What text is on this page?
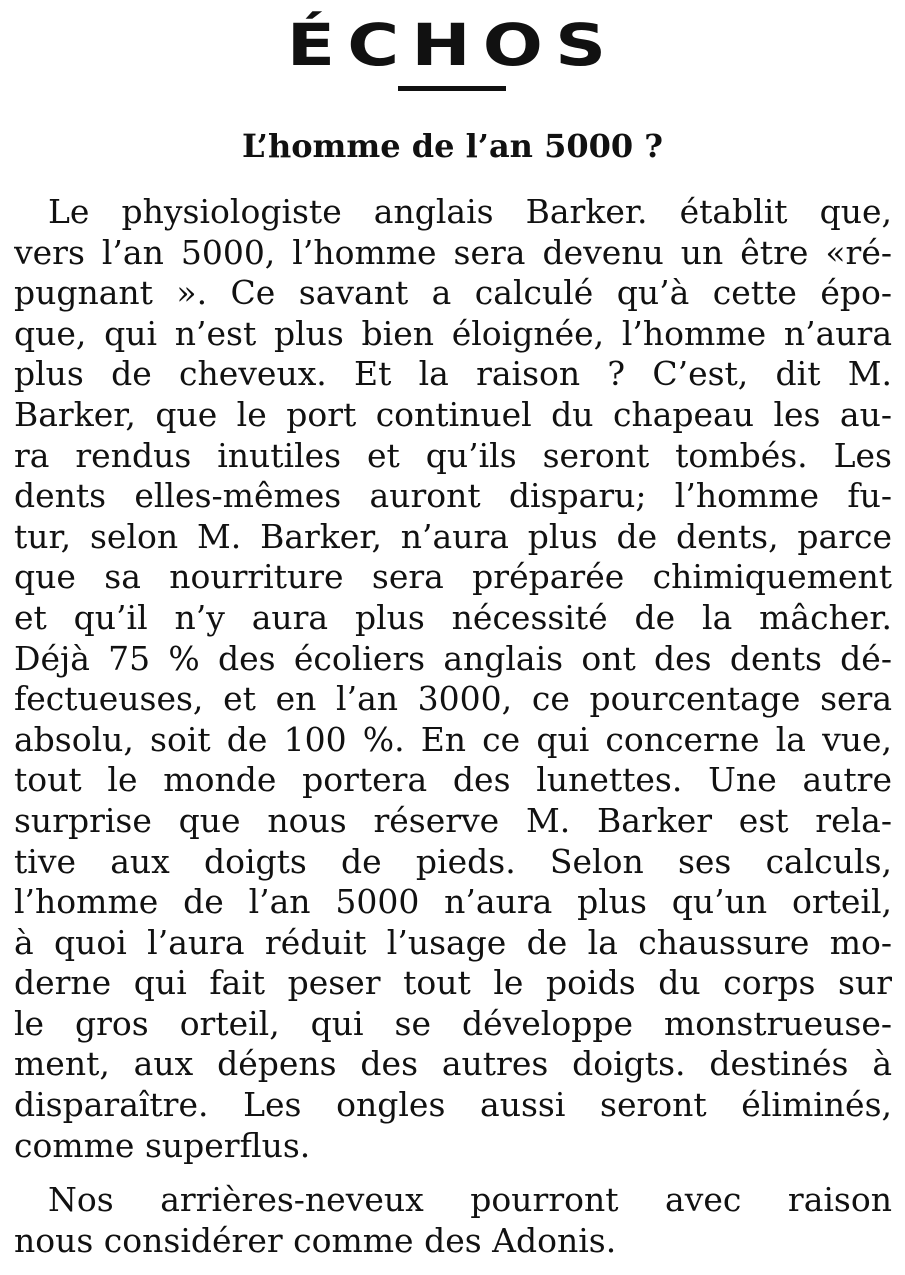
ÉCHOS
L’homme de l’an 5000 ?
Le physiologiste anglais Barker. établit que,
vers l’an 5000, l’homme sera devenu un être «ré-
pugnant ». Ce savant a calculé qu’à cette épo-
que, qui n’est plus bien éloignée, l’homme n’aura
plus de cheveux. Et la raison ? C’est, dit M.
Barker, que le port continuel du chapeau les au-
ra rendus inutiles et qu’ils seront tombés. Les
dents elles-mêmes auront disparu; l’homme fu-
tur, selon M. Barker, n’aura plus de dents, parce
que sa nourriture sera préparée chimiquement
et qu’il n’y aura plus nécessité de la mâcher.
Déjà 75 % des écoliers anglais ont des dents dé-
fectueuses, et en l’an 3000, ce pourcentage sera
absolu, soit de 100 %. En ce qui concerne la vue,
tout le monde portera des lunettes. Une autre
surprise que nous réserve M. Barker est rela-
tive aux doigts de pieds. Selon ses calculs,
l’homme de l’an 5000 n’aura plus qu’un orteil,
à quoi l’aura réduit l’usage de la chaussure mo-
derne qui fait peser tout le poids du corps sur
le gros orteil, qui se développe monstrueuse-
ment, aux dépens des autres doigts. destinés à
disparaître. Les ongles aussi seront éliminés,
comme superflus.
Nos arrières-neveux pourront avec raison
nous considérer comme des Adonis.
